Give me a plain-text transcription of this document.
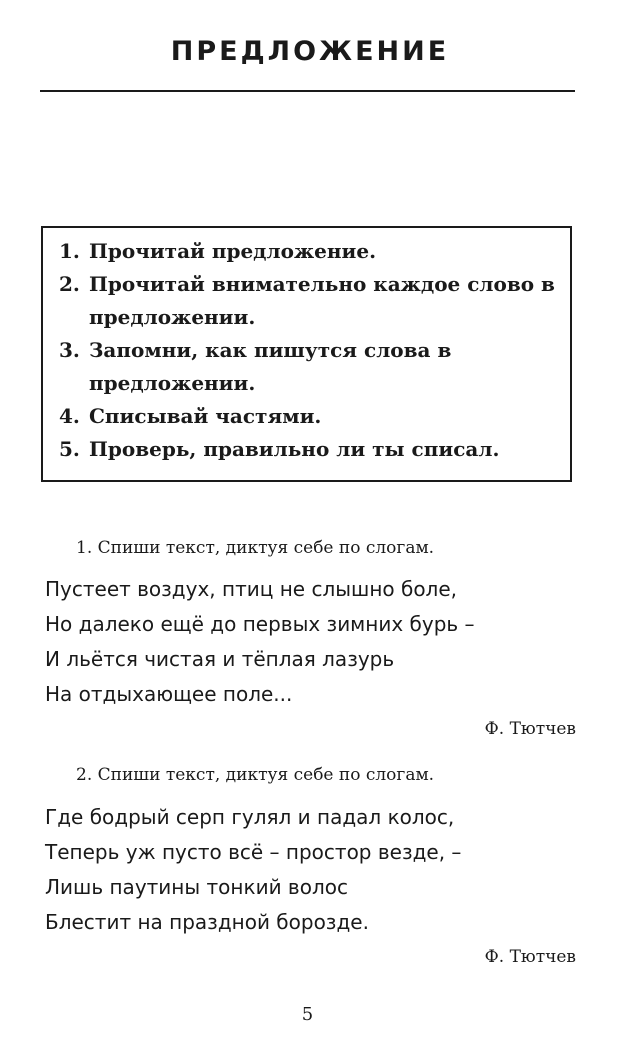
ПРЕДЛОЖЕНИЕ
1. Прочитай предложение.
2. Прочитай внимательно каждое слово в предложении.
3. Запомни, как пишутся слова в предложении.
4. Списывай частями.
5. Проверь, правильно ли ты списал.
1. Спиши текст, диктуя себе по слогам.
Пустеет воздух, птиц не слышно боле,
Но далеко ещё до первых зимних бурь –
И льётся чистая и тёплая лазурь
На отдыхающее поле...
Ф. Тютчев
2. Спиши текст, диктуя себе по слогам.
Где бодрый серп гулял и падал колос,
Теперь уж пусто всё – простор везде, –
Лишь паутины тонкий волос
Блестит на праздной борозде.
Ф. Тютчев
5
